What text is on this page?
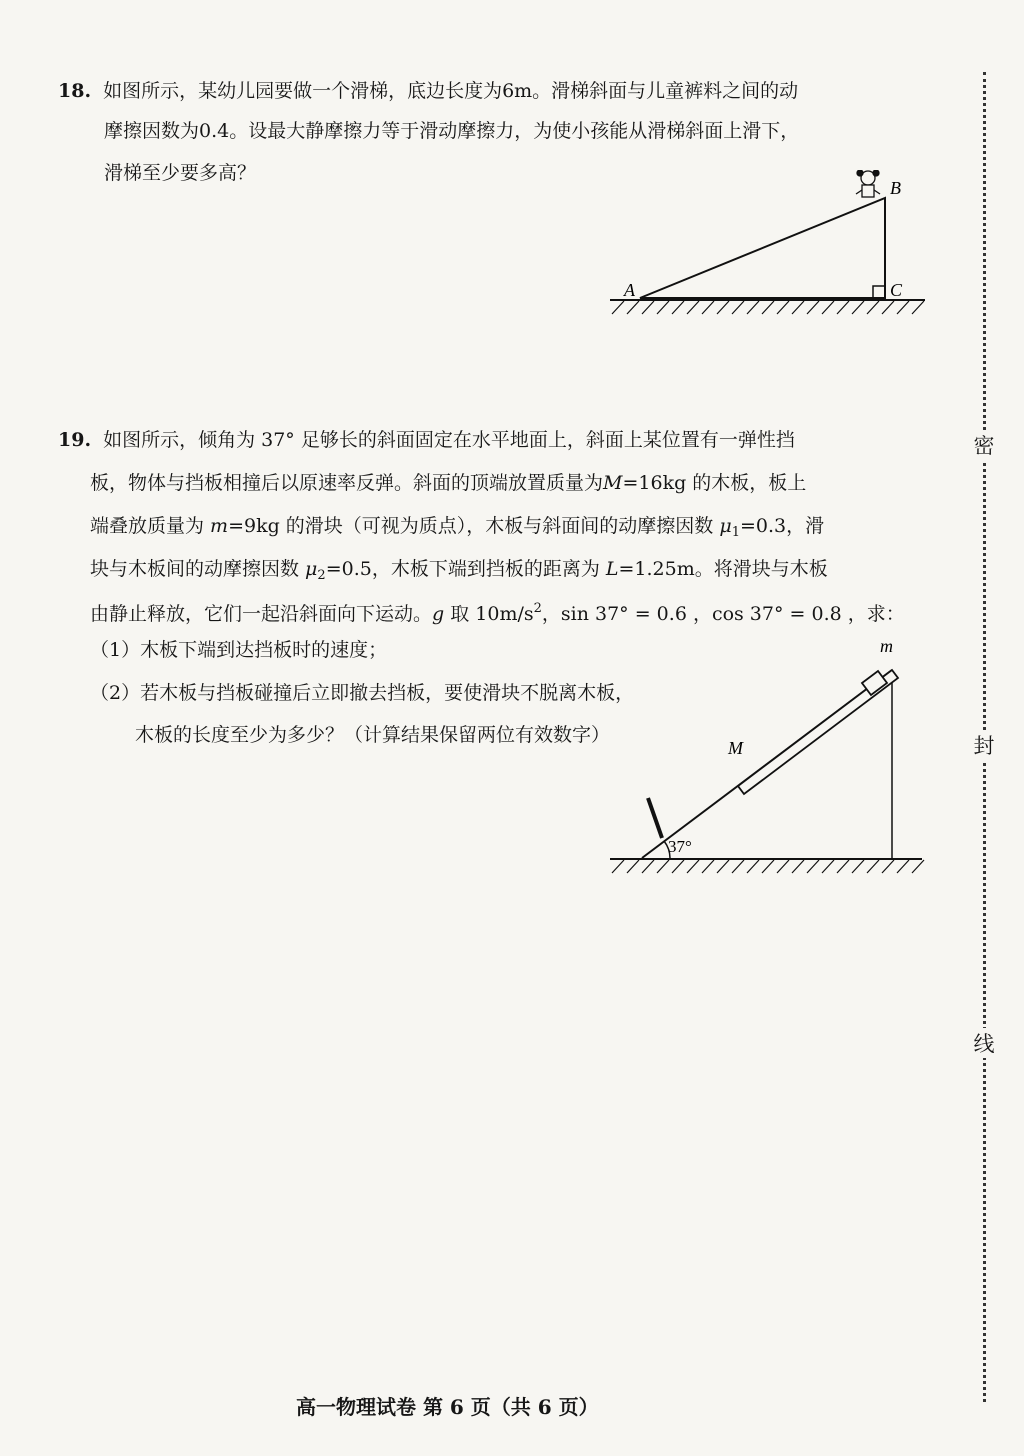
18. 如图所示，某幼儿园要做一个滑梯，底边长度为6m。滑梯斜面与儿童裤料之间的动
摩擦因数为0.4。设最大静摩擦力等于滑动摩擦力，为使小孩能从滑梯斜面上滑下，
滑梯至少要多高？
A
B
C
19. 如图所示，倾角为 37° 足够长的斜面固定在水平地面上，斜面上某位置有一弹性挡
板，物体与挡板相撞后以原速率反弹。斜面的顶端放置质量为M=16kg 的木板，板上
端叠放质量为 m=9kg 的滑块（可视为质点），木板与斜面间的动摩擦因数 $\mu_1=0.3$，滑
块与木板间的动摩擦因数 $\mu_2=0.5$，木板下端到挡板的距离为 L=1.25m。将滑块与木板
由静止释放，它们一起沿斜面向下运动。g 取 $10m/s^2$，sin 37° = 0.6 ，cos 37° = 0.8 ，求：
（1）木板下端到达挡板时的速度；
（2）若木板与挡板碰撞后立即撤去挡板，要使滑块不脱离木板，
木板的长度至少为多少？（计算结果保留两位有效数字）
37°
m
M
高一物理试卷 第 6 页（共 6 页）
密
封
线
